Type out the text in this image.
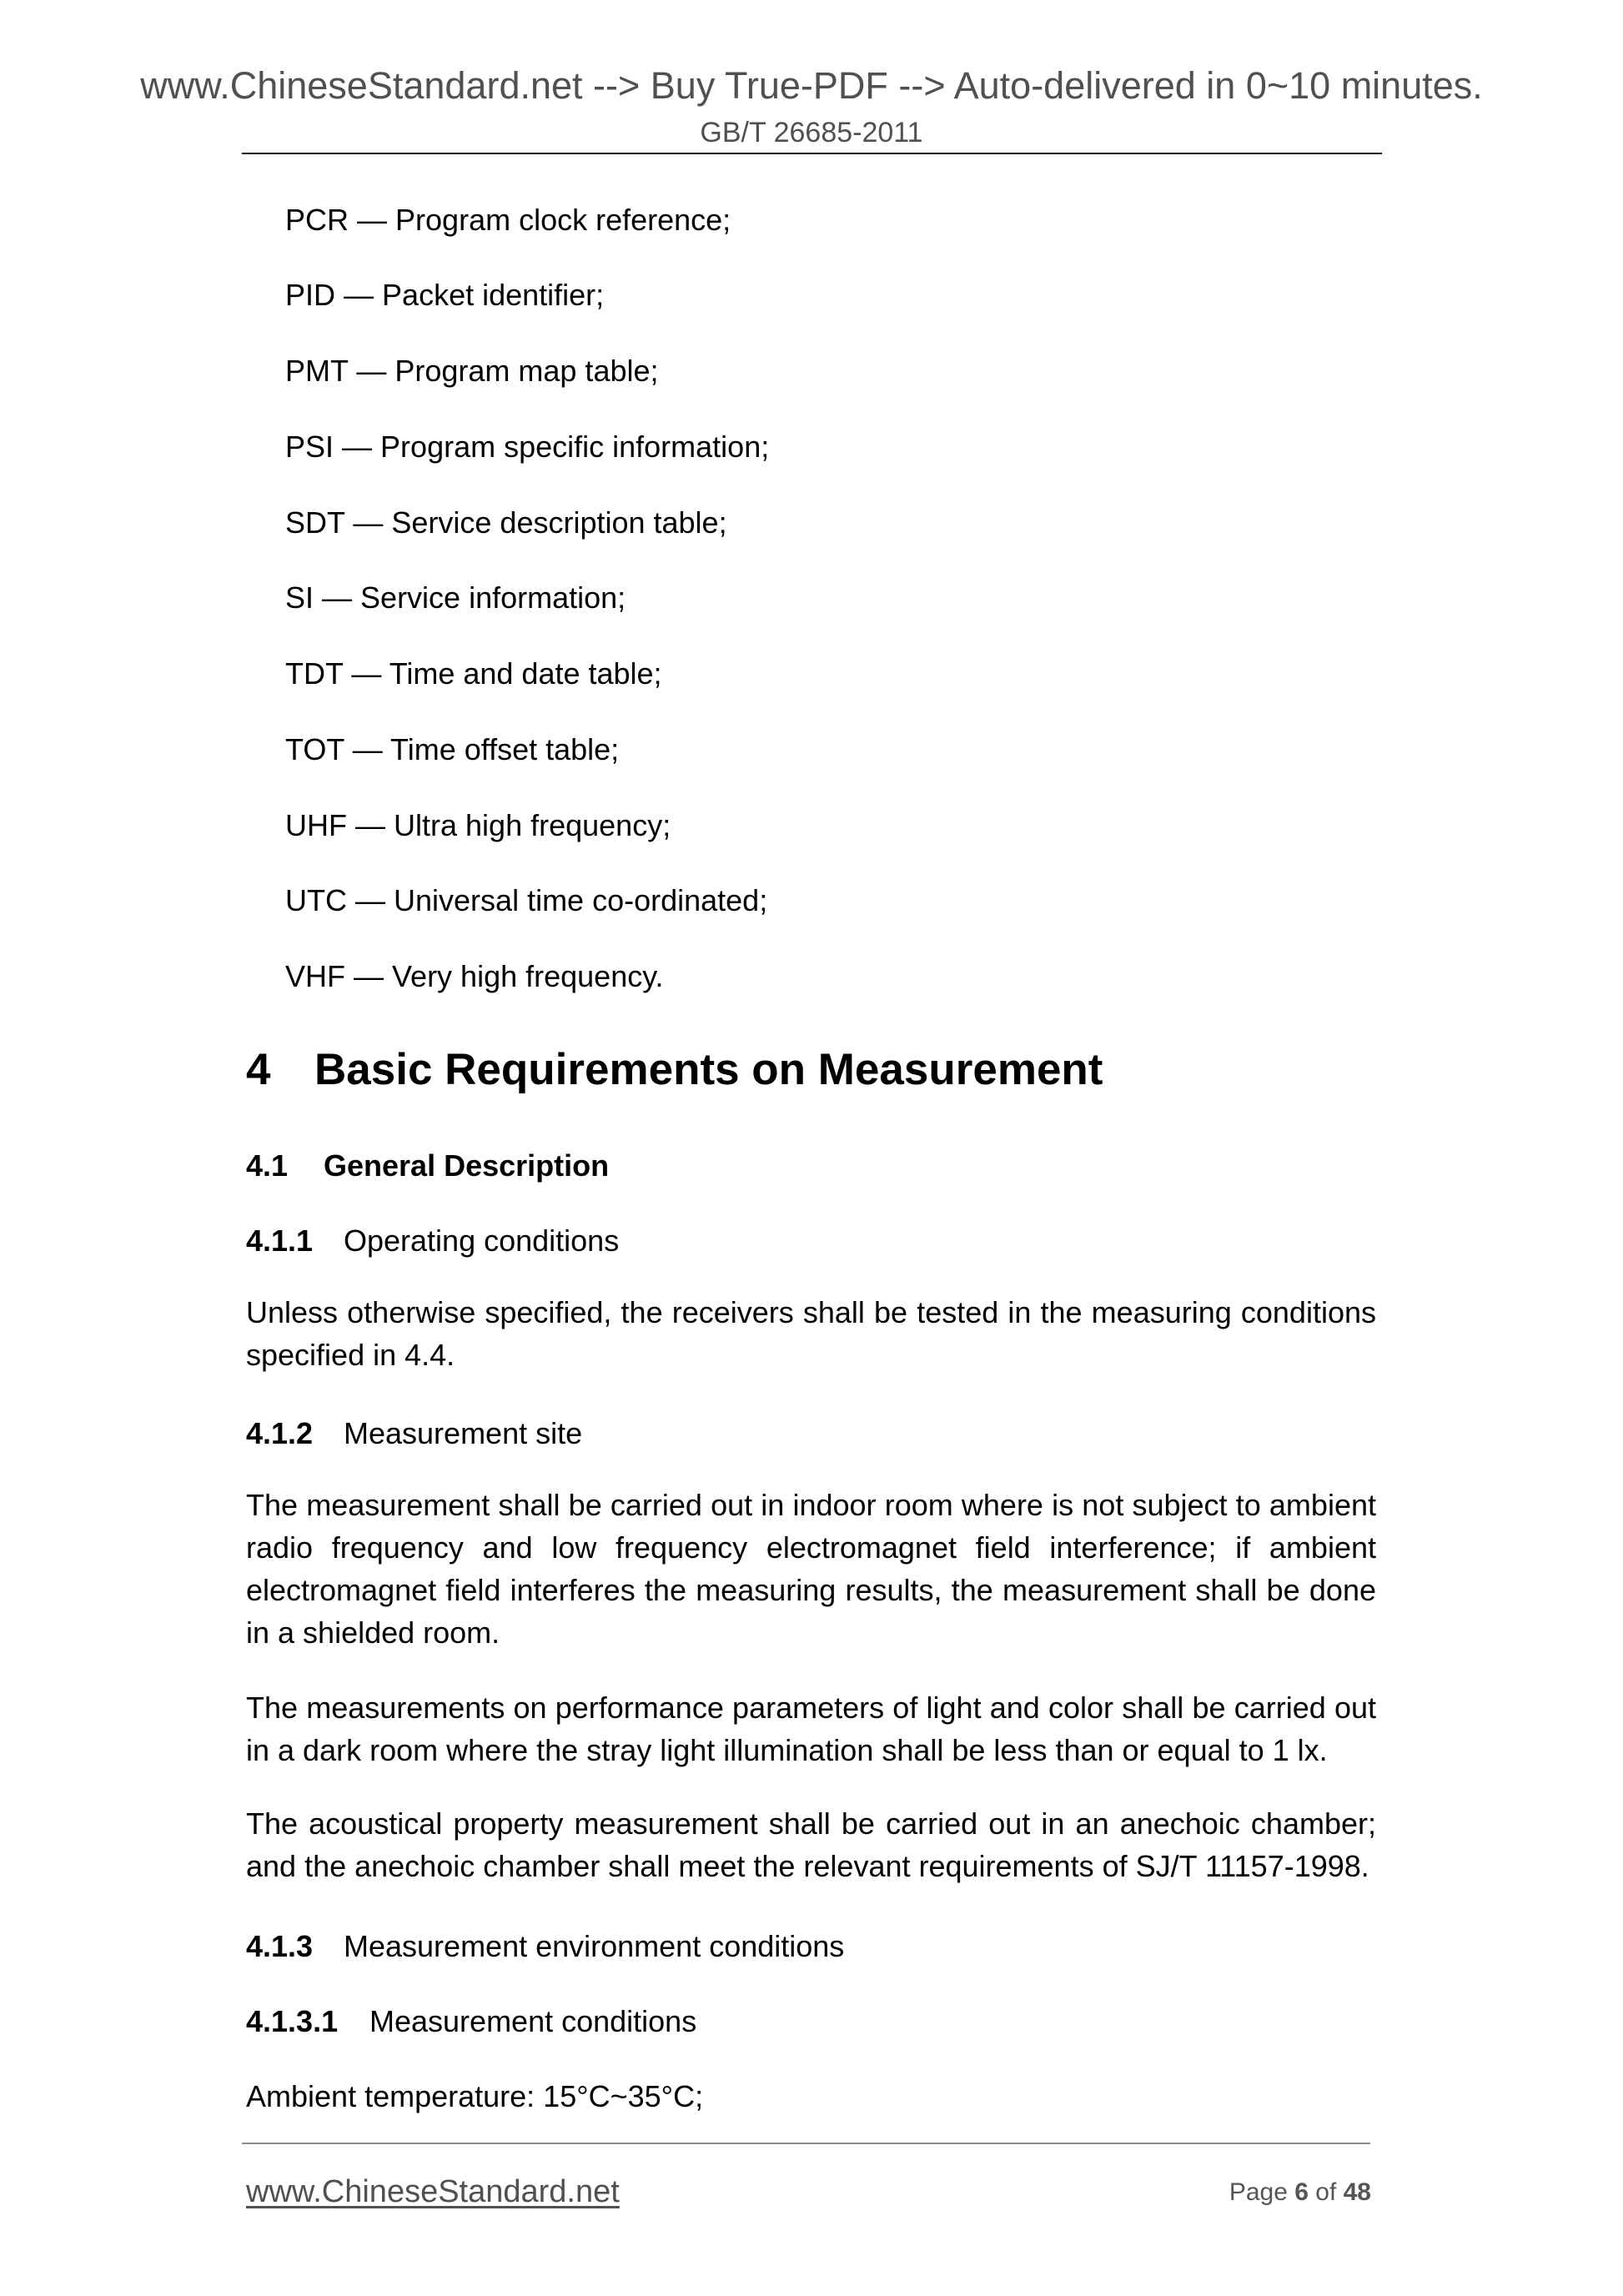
www.ChineseStandard.net --> Buy True-PDF --> Auto-delivered in 0~10 minutes.
GB/T 26685-2011
PCR — Program clock reference;
PID — Packet identifier;
PMT — Program map table;
PSI — Program specific information;
SDT — Service description table;
SI — Service information;
TDT — Time and date table;
TOT — Time offset table;
UHF — Ultra high frequency;
UTC — Universal time co-ordinated;
VHF — Very high frequency.
4 Basic Requirements on Measurement
4.1 General Description
4.1.1 Operating conditions
Unless otherwise specified, the receivers shall be tested in the measuring conditions
specified in 4.4.
4.1.2 Measurement site
The measurement shall be carried out in indoor room where is not subject to ambient
radio frequency and low frequency electromagnet field interference; if ambient
electromagnet field interferes the measuring results, the measurement shall be done
in a shielded room.
The measurements on performance parameters of light and color shall be carried out
in a dark room where the stray light illumination shall be less than or equal to 1 lx.
The acoustical property measurement shall be carried out in an anechoic chamber;
and the anechoic chamber shall meet the relevant requirements of SJ/T 11157-1998.
4.1.3 Measurement environment conditions
4.1.3.1 Measurement conditions
Ambient temperature: 15°C~35°C;
www.ChineseStandard.net	Page 6 of 48
